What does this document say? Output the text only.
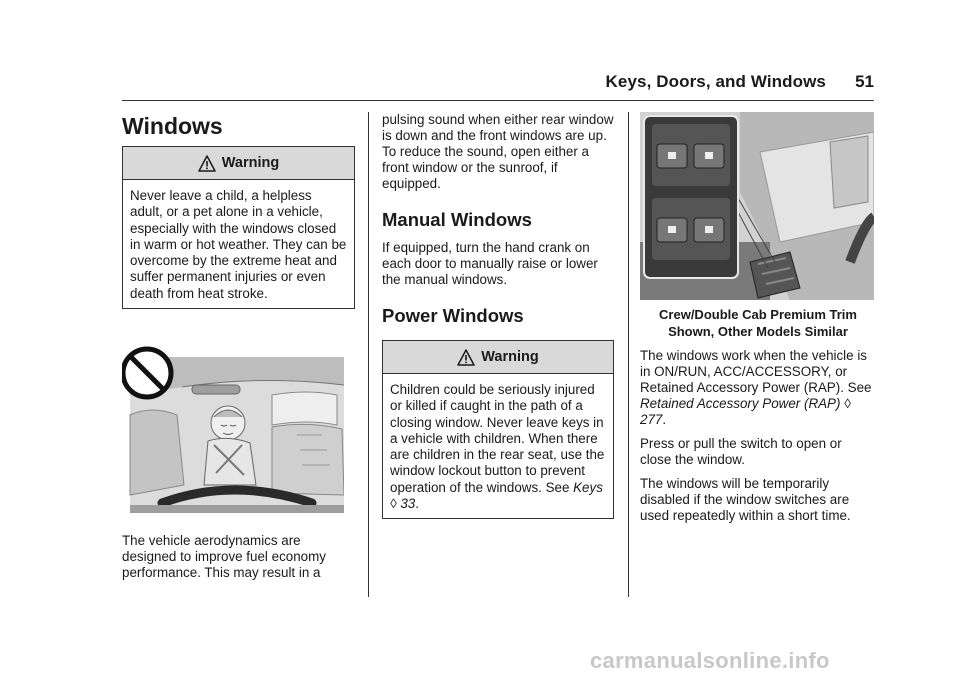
Keys, Doors, and Windows 51
Windows
Warning
Never leave a child, a helpless adult, or a pet alone in a vehicle, especially with the windows closed in warm or hot weather. They can be overcome by the extreme heat and suffer permanent injuries or even death from heat stroke.

The vehicle aerodynamics are designed to improve fuel economy performance. This may result in a

pulsing sound when either rear window is down and the front windows are up. To reduce the sound, open either a front window or the sunroof, if equipped.

Manual Windows

If equipped, turn the hand crank on each door to manually raise or lower the manual windows.

Power Windows
Warning
Children could be seriously injured or killed if caught in the path of a closing window. Never leave keys in a vehicle with children. When there are children in the rear seat, use the window lockout button to prevent operation of the windows. See Keys ◊ 33.
Crew/Double Cab Premium Trim
Shown, Other Models Similar

The windows work when the vehicle is in ON/RUN, ACC/ACCESSORY, or Retained Accessory Power (RAP). See Retained Accessory Power (RAP) ◊ 277.

Press or pull the switch to open or close the window.

The windows will be temporarily disabled if the window switches are used repeatedly within a short time.

carmanualsonline.info
